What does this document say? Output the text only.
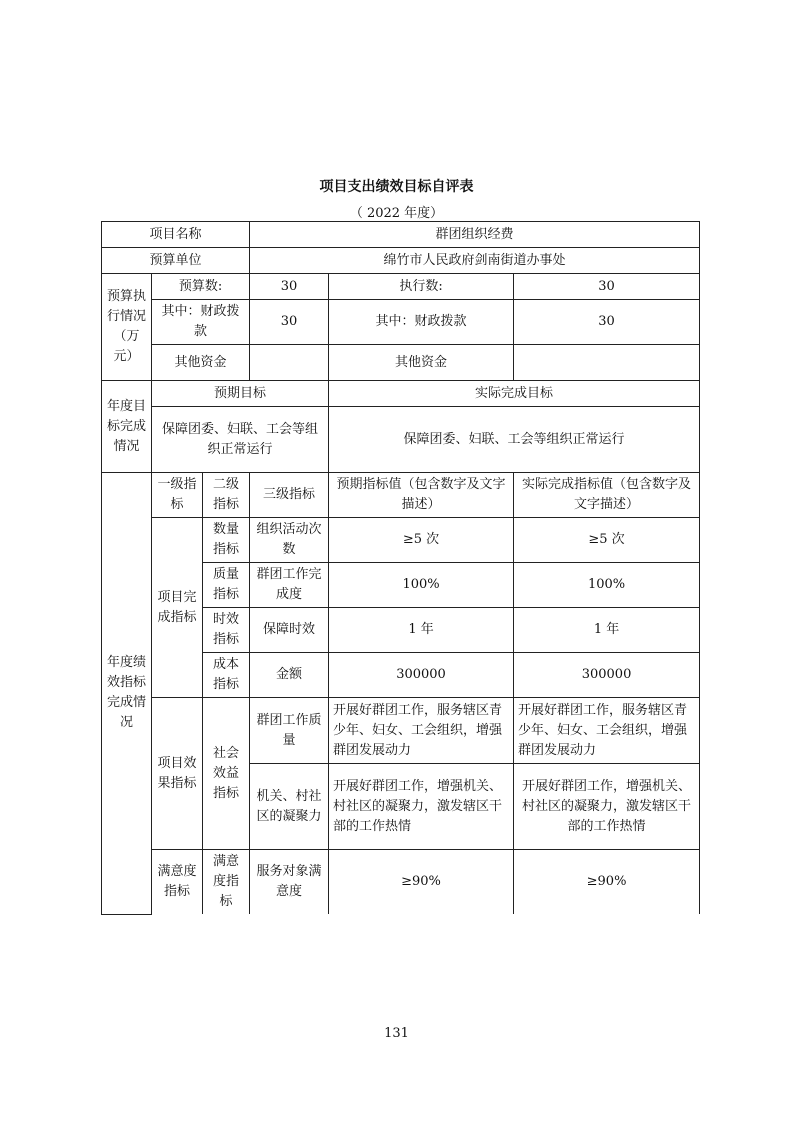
项目支出绩效目标自评表
（ 2022 年度）
项目名称			群团组织经费		
预算单位			绵竹市人民政府剑南街道办事处		
预算执行情况（万元）	预算数:		30	执行数:	30
	其中：财政拨款		30	其中：财政拨款	30
	其他资金			其他资金	
年度目标完成情况	预期目标			实际完成目标	
	保障团委、妇联、工会等组织正常运行			保障团委、妇联、工会等组织正常运行	
年度绩效指标完成情况	一级指标	二级指标	三级指标	预期指标值（包含数字及文字描述）	实际完成指标值（包含数字及文字描述）
	项目完成指标	数量指标	组织活动次数	≥5 次	≥5 次
		质量指标	群团工作完成度	100%	100%
		时效指标	保障时效	1 年	1 年
		成本指标	金额	300000	300000
	项目效果指标	社会效益指标	群团工作质量	开展好群团工作，服务辖区青少年、妇女、工会组织，增强群团发展动力	开展好群团工作，服务辖区青少年、妇女、工会组织，增强群团发展动力
			机关、村社区的凝聚力	开展好群团工作，增强机关、村社区的凝聚力，激发辖区干部的工作热情	开展好群团工作，增强机关、村社区的凝聚力，激发辖区干部的工作热情
	满意度指标	满意度指标	服务对象满意度	≥90%	≥90%
131
